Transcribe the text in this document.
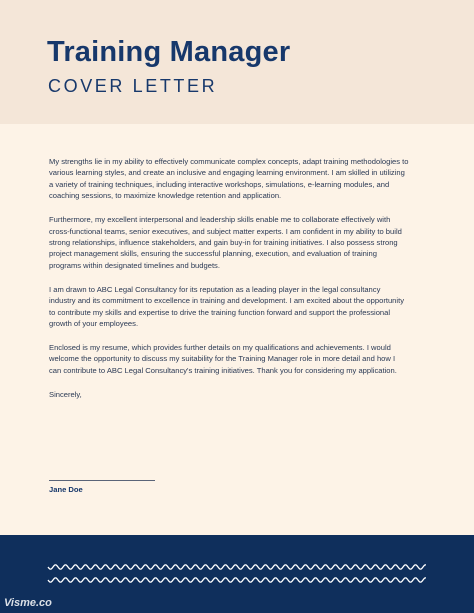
Training Manager
COVER LETTER

My strengths lie in my ability to effectively communicate complex concepts, adapt training methodologies to various learning styles, and create an inclusive and engaging learning environment. I am skilled in utilizing a variety of training techniques, including interactive workshops, simulations, e-learning modules, and coaching sessions, to maximize knowledge retention and application.

Furthermore, my excellent interpersonal and leadership skills enable me to collaborate effectively with cross-functional teams, senior executives, and subject matter experts. I am confident in my ability to build strong relationships, influence stakeholders, and gain buy-in for training initiatives. I also possess strong project management skills, ensuring the successful planning, execution, and evaluation of training programs within designated timelines and budgets.

I am drawn to ABC Legal Consultancy for its reputation as a leading player in the legal consultancy industry and its commitment to excellence in training and development. I am excited about the opportunity to contribute my skills and expertise to drive the training function forward and support the professional growth of your employees.

Enclosed is my resume, which provides further details on my qualifications and achievements. I would welcome the opportunity to discuss my suitability for the Training Manager role in more detail and how I can contribute to ABC Legal Consultancy's training initiatives. Thank you for considering my application.

Sincerely,

Jane Doe
Visme.co
